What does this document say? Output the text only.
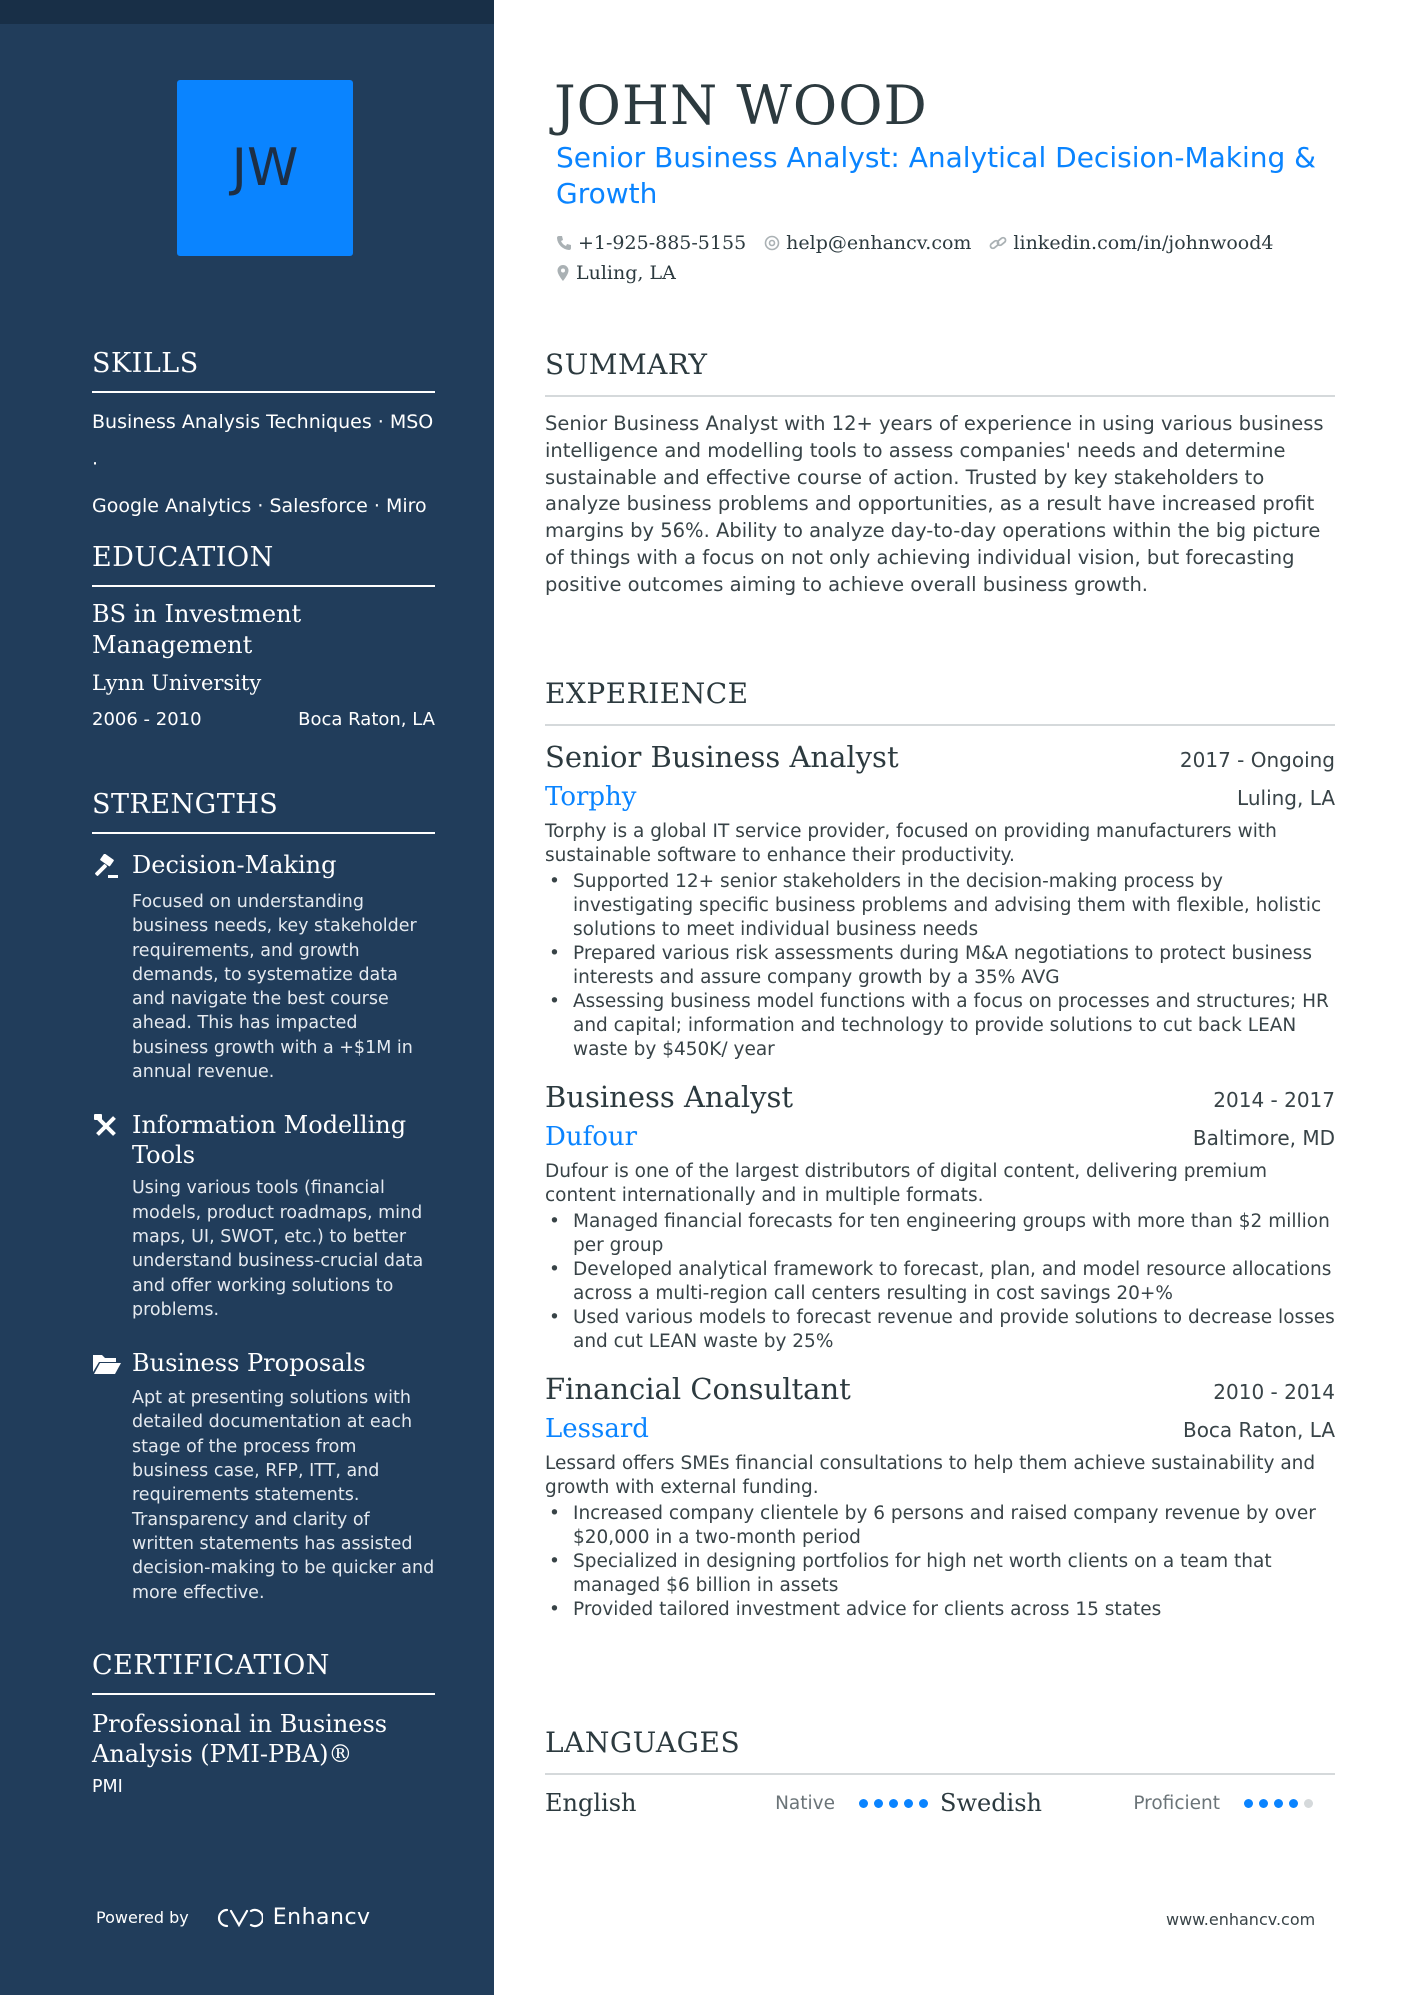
JW
SKILLS
Business Analysis Techniques · MSO ·
Google Analytics · Salesforce · Miro
EDUCATION
BS in Investment Management
Lynn University
2006 - 2010	Boca Raton, LA
STRENGTHS
Decision-Making
Focused on understanding business needs, key stakeholder requirements, and growth demands, to systematize data and navigate the best course ahead. This has impacted business growth with a +$1M in annual revenue.
Information Modelling Tools
Using various tools (financial models, product roadmaps, mind maps, UI, SWOT, etc.) to better understand business-crucial data and offer working solutions to problems.
Business Proposals
Apt at presenting solutions with detailed documentation at each stage of the process from business case, RFP, ITT, and requirements statements. Transparency and clarity of written statements has assisted decision-making to be quicker and more effective.
CERTIFICATION
Professional in Business Analysis (PMI-PBA)®
PMI
Powered by	Enhancv
JOHN WOOD
Senior Business Analyst: Analytical Decision-Making & Growth
+1-925-885-5155 help@enhancv.com linkedin.com/in/johnwood4
Luling, LA
SUMMARY
Senior Business Analyst with 12+ years of experience in using various business intelligence and modelling tools to assess companies' needs and determine sustainable and effective course of action. Trusted by key stakeholders to analyze business problems and opportunities, as a result have increased profit margins by 56%. Ability to analyze day-to-day operations within the big picture of things with a focus on not only achieving individual vision, but forecasting positive outcomes aiming to achieve overall business growth.
EXPERIENCE
Senior Business Analyst	2017 - Ongoing
Torphy	Luling, LA
Torphy is a global IT service provider, focused on providing manufacturers with sustainable software to enhance their productivity.
• Supported 12+ senior stakeholders in the decision-making process by investigating specific business problems and advising them with flexible, holistic solutions to meet individual business needs
• Prepared various risk assessments during M&A negotiations to protect business interests and assure company growth by a 35% AVG
• Assessing business model functions with a focus on processes and structures; HR and capital; information and technology to provide solutions to cut back LEAN waste by $450K/ year
Business Analyst	2014 - 2017
Dufour	Baltimore, MD
Dufour is one of the largest distributors of digital content, delivering premium content internationally and in multiple formats.
• Managed financial forecasts for ten engineering groups with more than $2 million per group
• Developed analytical framework to forecast, plan, and model resource allocations across a multi-region call centers resulting in cost savings 20+%
• Used various models to forecast revenue and provide solutions to decrease losses and cut LEAN waste by 25%
Financial Consultant	2010 - 2014
Lessard	Boca Raton, LA
Lessard offers SMEs financial consultations to help them achieve sustainability and growth with external funding.
• Increased company clientele by 6 persons and raised company revenue by over $20,000 in a two-month period
• Specialized in designing portfolios for high net worth clients on a team that managed $6 billion in assets
• Provided tailored investment advice for clients across 15 states
LANGUAGES
English	Native	Swedish	Proficient
www.enhancv.com
